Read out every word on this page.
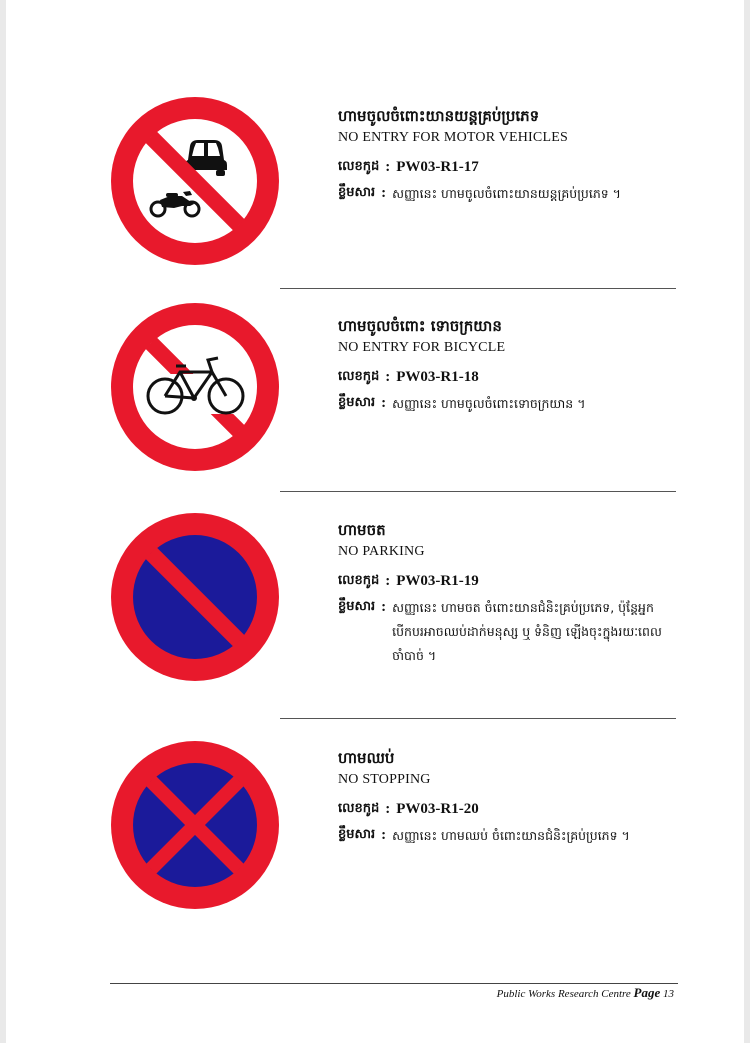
ហាមចូលចំពោះយានយន្តគ្រប់ប្រភេទ

NO ENTRY FOR MOTOR VEHICLES

លេខកូដ : PW03-R1-17
ខ្លឹមសារ : សញ្ញានេះ ហាមចូលចំពោះយានយន្តគ្រប់ប្រភេទ ។

ហាមចូលចំពោះ ទោចក្រយាន

NO ENTRY FOR BICYCLE

លេខកូដ : PW03-R1-18
ខ្លឹមសារ : សញ្ញានេះ ហាមចូលចំពោះទោចក្រយាន ។

ហាមចត

NO PARKING

លេខកូដ : PW03-R1-19
ខ្លឹមសារ : សញ្ញានេះ ហាមចត ចំពោះយានជំនិះគ្រប់ប្រភេទ, ប៉ុន្តែអ្នកបើកបរអាចឈប់ដាក់មនុស្ស ឬ ទំនិញ ឡើងចុះក្នុងរយៈពេលចាំបាច់ ។

ហាមឈប់

NO STOPPING

លេខកូដ : PW03-R1-20
ខ្លឹមសារ : សញ្ញានេះ ហាមឈប់ ចំពោះយានជំនិះគ្រប់ប្រភេទ ។
Public Works Research Centre Page 13
